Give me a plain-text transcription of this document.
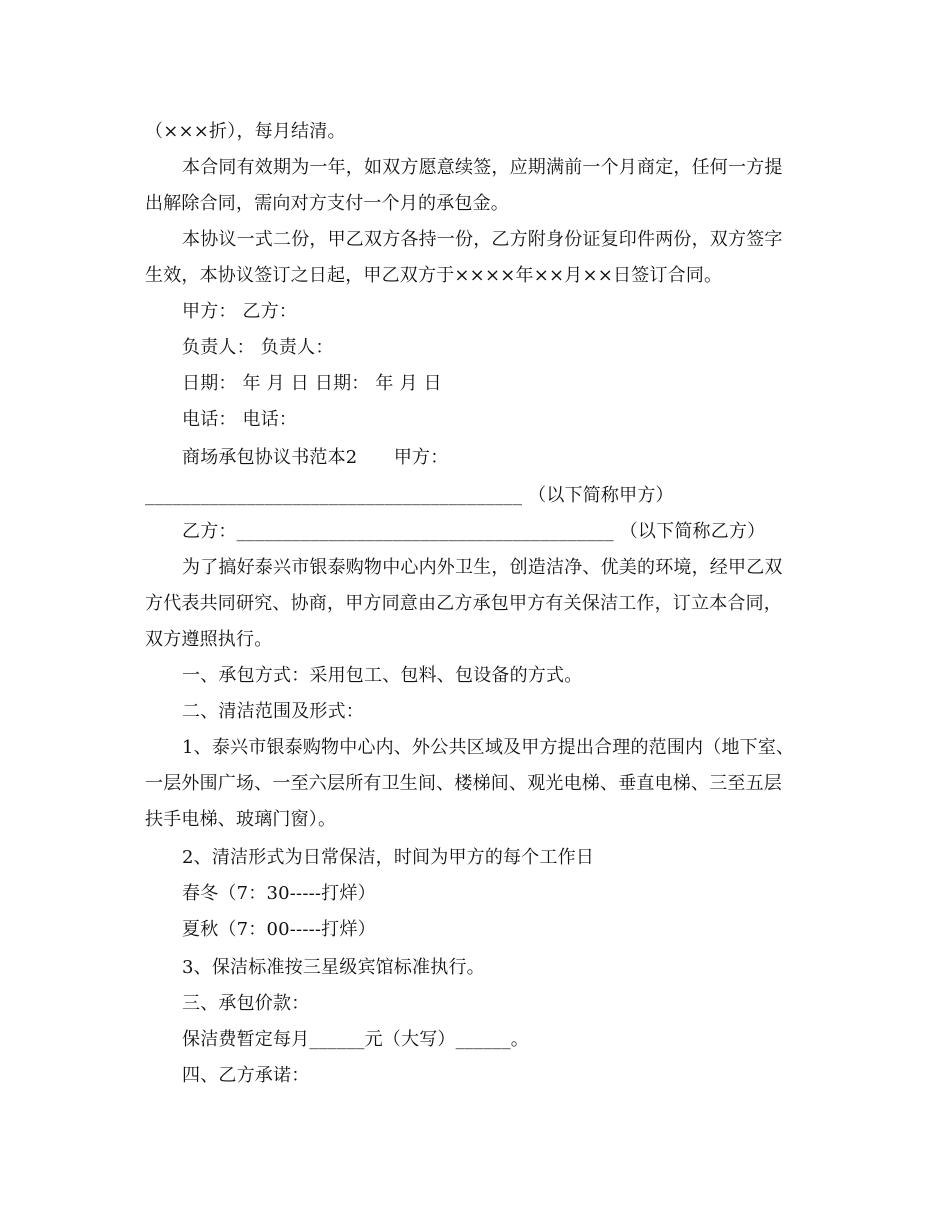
（×××折），每月结清。
本合同有效期为一年，如双方愿意续签，应期满前一个月商定，任何一方提
出解除合同，需向对方支付一个月的承包金。
本协议一式二份，甲乙双方各持一份，乙方附身份证复印件两份，双方签字
生效，本协议签订之日起，甲乙双方于××××年××月××日签订合同。
甲方： 乙方：
负责人： 负责人：
日期： 年 月 日 日期： 年 月 日
电话： 电话：
商场承包协议书范本2　　甲方：
_________________________________________ （以下简称甲方）
乙方：_________________________________________ （以下简称乙方）
为了搞好泰兴市银泰购物中心内外卫生，创造洁净、优美的环境，经甲乙双
方代表共同研究、协商，甲方同意由乙方承包甲方有关保洁工作，订立本合同，
双方遵照执行。
一、承包方式：采用包工、包料、包设备的方式。
二、清洁范围及形式：
1、泰兴市银泰购物中心内、外公共区域及甲方提出合理的范围内（地下室、
一层外围广场、一至六层所有卫生间、楼梯间、观光电梯、垂直电梯、三至五层
扶手电梯、玻璃门窗）。
2、清洁形式为日常保洁，时间为甲方的每个工作日
春冬（7：30-----打烊）
夏秋（7：00-----打烊）
3、保洁标准按三星级宾馆标准执行。
三、承包价款：
保洁费暂定每月______元（大写）______。
四、乙方承诺：
